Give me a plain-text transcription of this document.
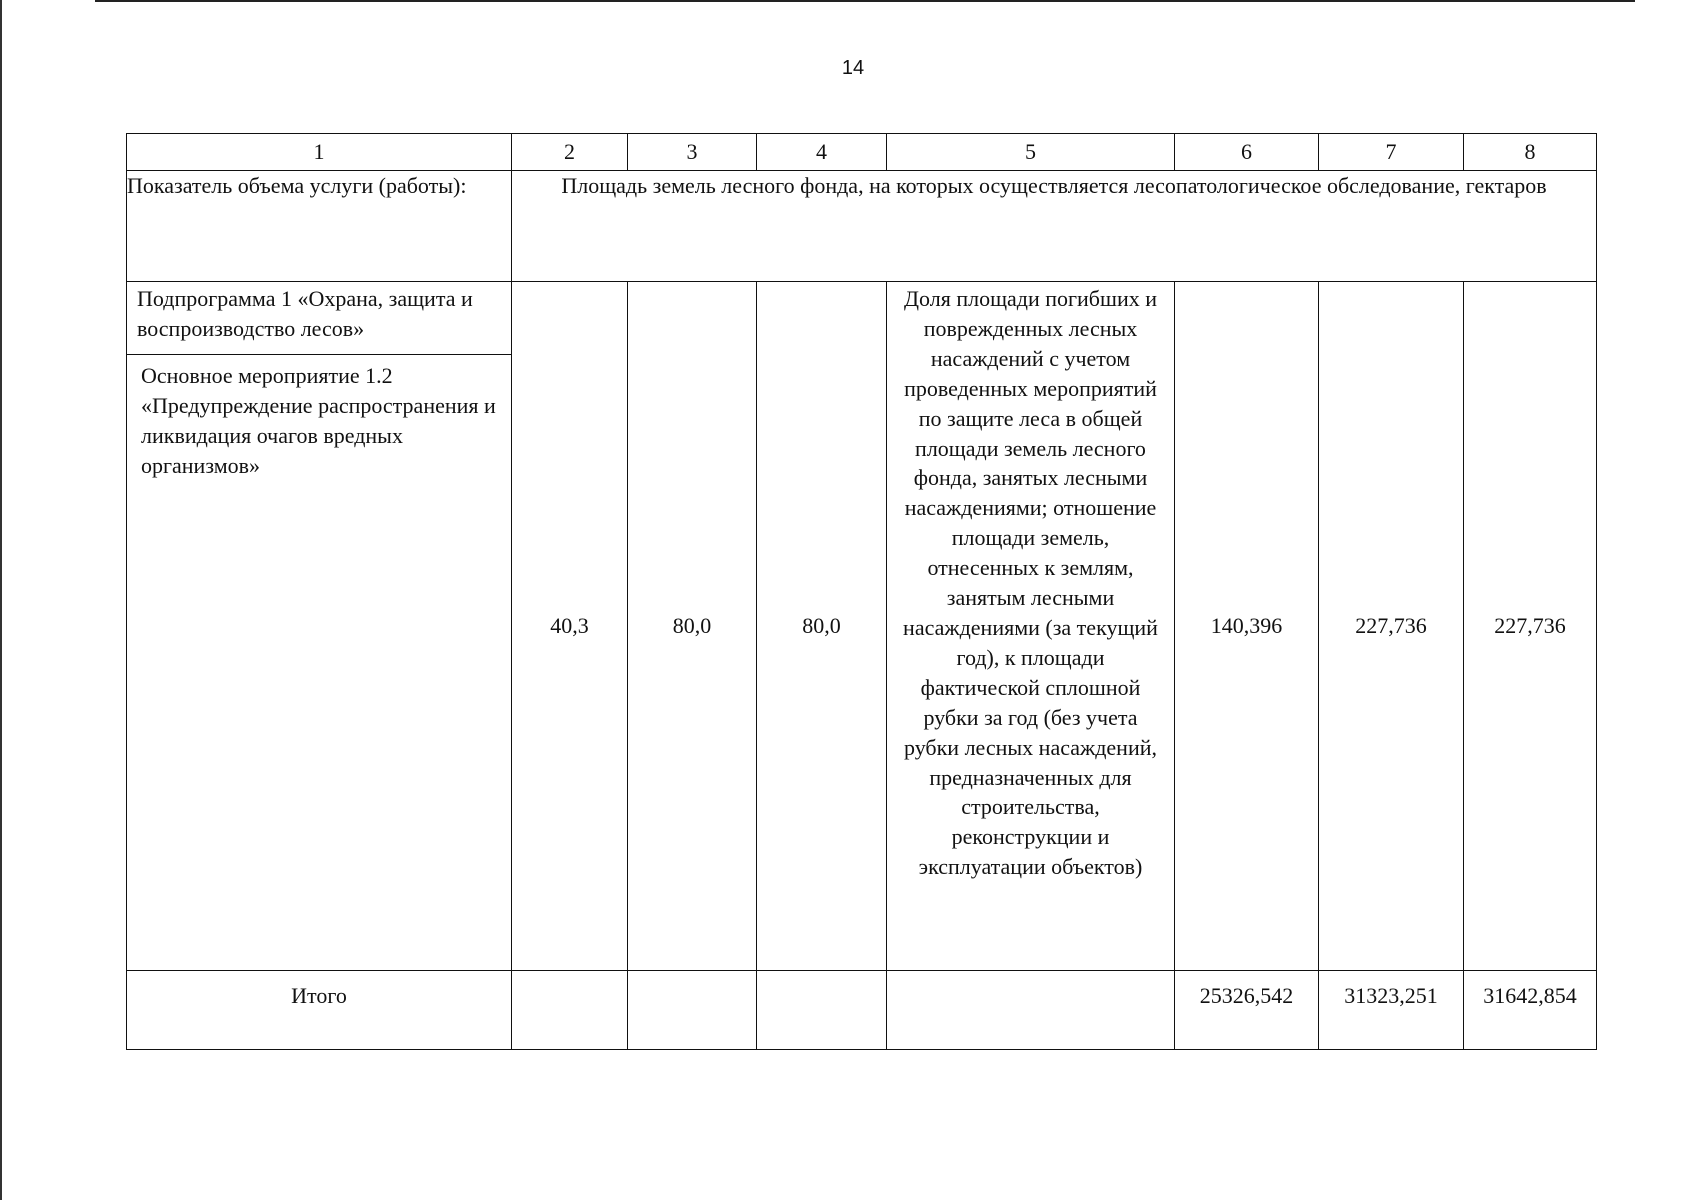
14
1	2	3	4	5	6	7	8
Показатель объема услуги (работы):	Площадь земель лесного фонда, на которых осуществляется лесопатологическое обследование, гектаров						

Подпрограмма 1 «Охрана, защита и воспроизводство лесов»
Основное мероприятие 1.2 «Предупреждение распространения и ликвидация очагов вредных организмов»	40,3	80,0	80,0	Доля площади погибших и поврежденных лесных насаждений с учетом проведенных мероприятий по защите леса в общей площади земель лесного фонда, занятых лесными насаждениями; отношение площади земель, отнесенных к землям, занятым лесными насаждениями (за текущий год), к площади фактической сплошной рубки за год (без учета рубки лесных насаждений, предназначенных для строительства, реконструкции и эксплуатации объектов)	140,396	227,736	227,736
Итого					25326,542	31323,251	31642,854
